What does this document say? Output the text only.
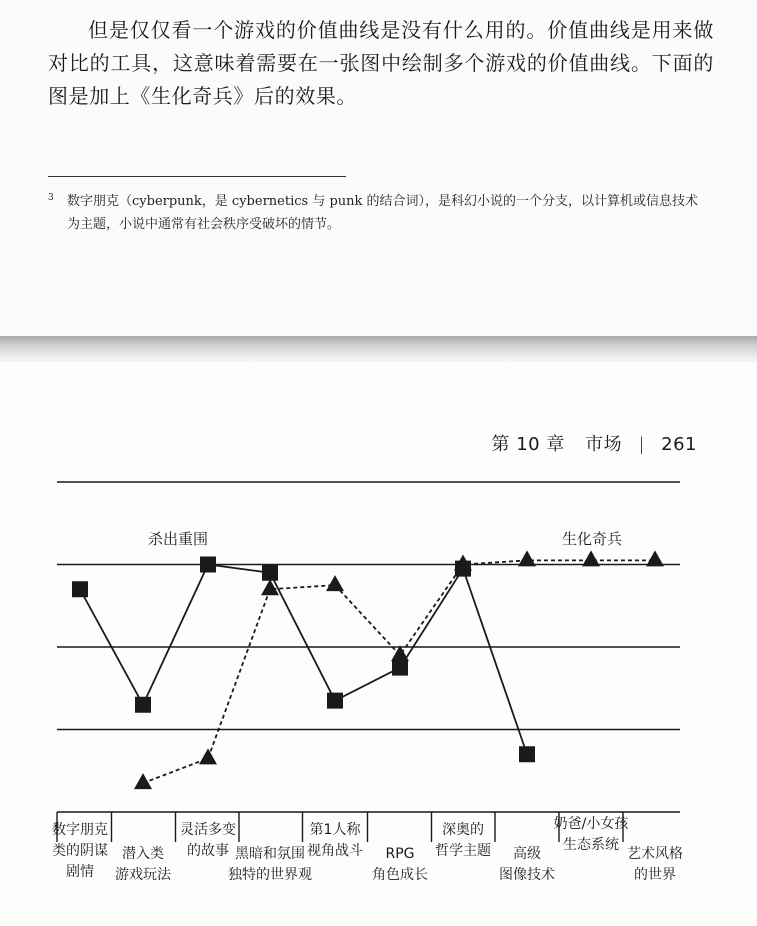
但是仅仅看一个游戏的价值曲线是没有什么用的。价值曲线是用来做对比的工具，这意味着需要在一张图中绘制多个游戏的价值曲线。下面的图是加上《生化奇兵》后的效果。

3	数字朋克（cyberpunk，是 cybernetics 与 punk 的结合词），是科幻小说的一个分支，以计算机或信息技术为主题，小说中通常有社会秩序受破坏的情节。
第 10 章 市场 | 261
数字朋克
类的阴谋
剧情
潜入类
游戏玩法
灵活多变
的故事 黑暗和氛围
独特的世界观
第1人称
视角战斗 RPG
角色成长
深奥的
哲学主题 高级
图像技术
奶爸/小女孩
生态系统
艺术风格
的世界
杀出重围	生化奇兵
